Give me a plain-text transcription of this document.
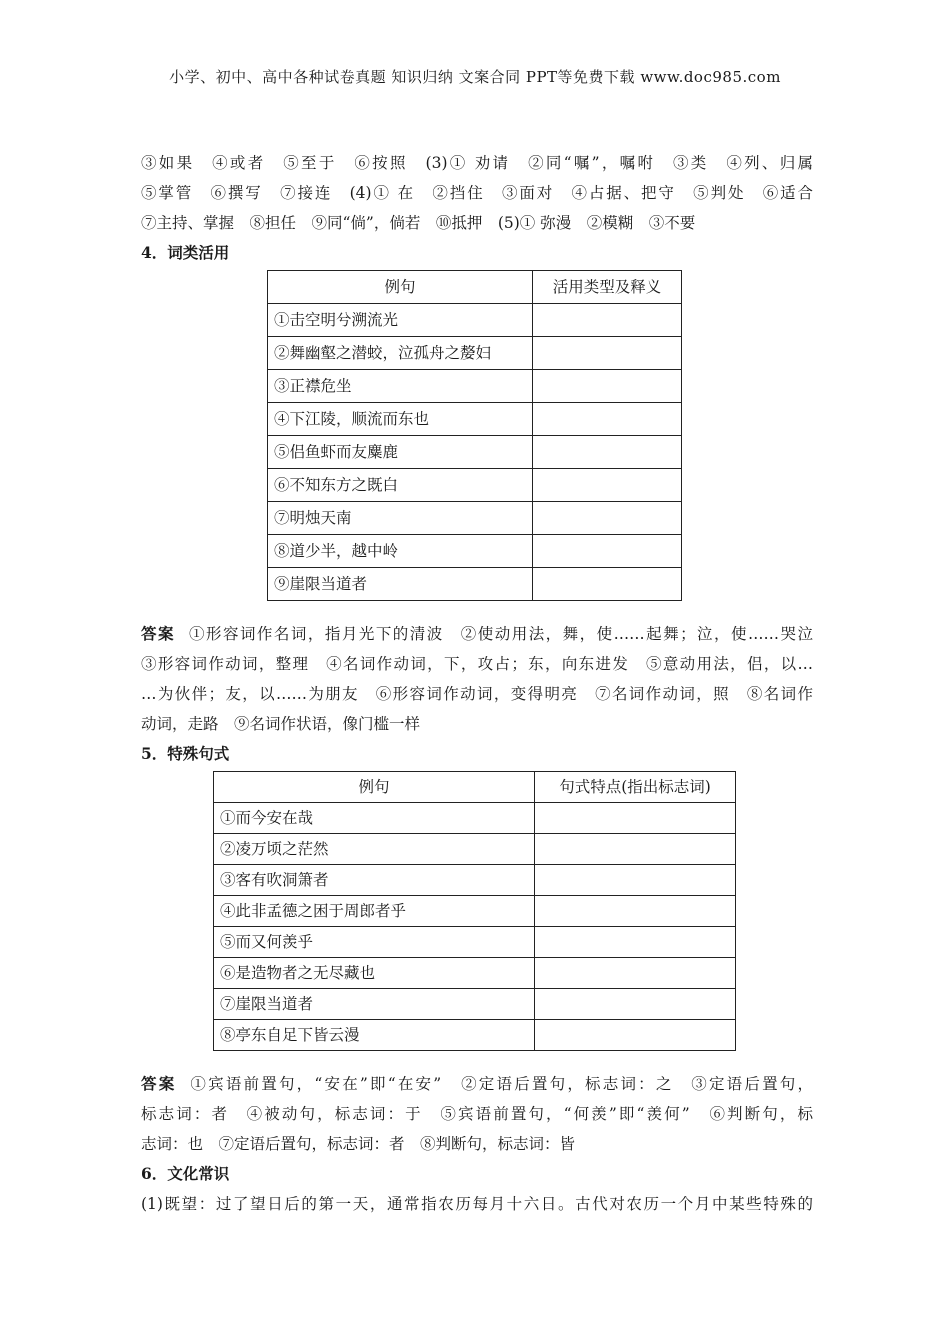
小学、初中、高中各种试卷真题 知识归纳 文案合同 PPT等免费下载 www.doc985.com
③如果　④或者　⑤至于　⑥按照　(3)① 劝请　②同“嘱”，嘱咐　③类　④列、归属
⑤掌管　⑥撰写　⑦接连　(4)① 在　②挡住　③面对　④占据、把守　⑤判处　⑥适合
⑦主持、掌握　⑧担任　⑨同“倘”，倘若　⑩抵押　(5)① 弥漫　②模糊　③不要
4．词类活用
例句	活用类型及释义
①击空明兮溯流光	
②舞幽壑之潜蛟，泣孤舟之嫠妇	
③正襟危坐	
④下江陵，顺流而东也	
⑤侣鱼虾而友麋鹿	
⑥不知东方之既白	
⑦明烛天南	
⑧道少半，越中岭	
⑨崖限当道者	
答案 ①形容词作名词，指月光下的清波　②使动用法，舞，使……起舞；泣，使……哭泣
③形容词作动词，整理　④名词作动词，下，攻占；东，向东进发　⑤意动用法，侣，以…
…为伙伴；友，以……为朋友　⑥形容词作动词，变得明亮　⑦名词作动词，照　⑧名词作
动词，走路　⑨名词作状语，像门槛一样
5．特殊句式
例句	句式特点(指出标志词)
①而今安在哉	
②凌万顷之茫然	
③客有吹洞箫者	
④此非孟德之困于周郎者乎	
⑤而又何羡乎	
⑥是造物者之无尽藏也	
⑦崖限当道者	
⑧亭东自足下皆云漫	
答案 ①宾语前置句，“安在”即“在安”　②定语后置句，标志词：之　③定语后置句，
标志词：者　④被动句，标志词：于　⑤宾语前置句，“何羡”即“羡何”　⑥判断句，标
志词：也　⑦定语后置句，标志词：者　⑧判断句，标志词：皆
6．文化常识
(1)既望：过了望日后的第一天，通常指农历每月十六日。古代对农历一个月中某些特殊的
